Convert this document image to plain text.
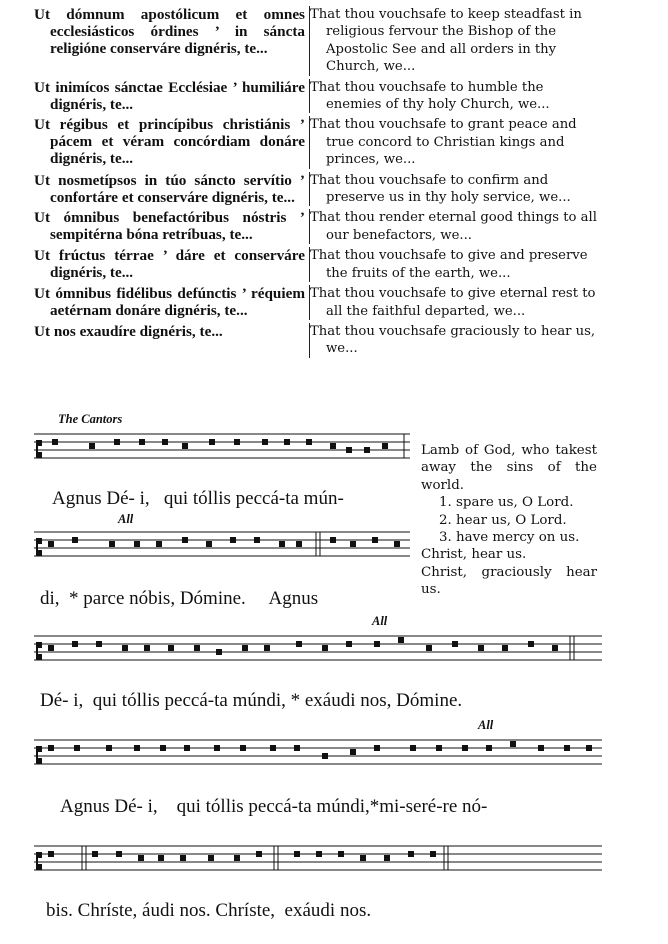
Ut dómnum apostólicum et omnes ecclesiásticos órdines ’ in sáncta religióne conserváre dignéris, te...
That thou vouchsafe to keep steadfast in religious fervour the Bishop of the Apostolic See and all orders in thy Church, we...
Ut inimícos sánctae Ecclésiae ’ humiliáre dignéris, te...
That thou vouchsafe to humble the enemies of thy holy Church, we...
Ut régibus et princípibus christiánis ’ pácem et véram concórdiam donáre dignéris, te...
That thou vouchsafe to grant peace and true concord to Christian kings and princes, we...
Ut nosmetípsos in túo sáncto servítio ’ confortáre et conserváre dignéris, te...
That thou vouchsafe to confirm and preserve us in thy holy service, we...
Ut ómnibus benefactóribus nóstris ’ sempitérna bóna retríbuas, te...
That thou render eternal good things to all our benefactors, we...
Ut frúctus térrae ’ dáre et conserváre dignéris, te...
That thou vouchsafe to give and preserve the fruits of the earth, we...
Ut ómnibus fidélibus defúnctis ’ réquiem aetérnam donáre dignéris, te...
That thou vouchsafe to give eternal rest to all the faithful departed, we...
Ut nos exaudíre dignéris, te...	That thou vouchsafe graciously to hear us, we...
The Cantors
Agnus Dé- i,   qui tóllis peccá-ta mún-
All
di,  * parce nóbis, Dómine.     Agnus
All
Dé- i,  qui tóllis peccá-ta múndi, * exáudi nos, Dómine.
All
Agnus Dé- i,    qui tóllis peccá-ta múndi,*mi-seré-re nó-
bis. Chríste, áudi nos. Chríste,  exáudi nos.
Lamb of God, who takest away the sins of the world.
1. spare us, O Lord.
2. hear us, O Lord.
3. have mercy on us.
Christ, hear us.
Christ, graciously hear us.
